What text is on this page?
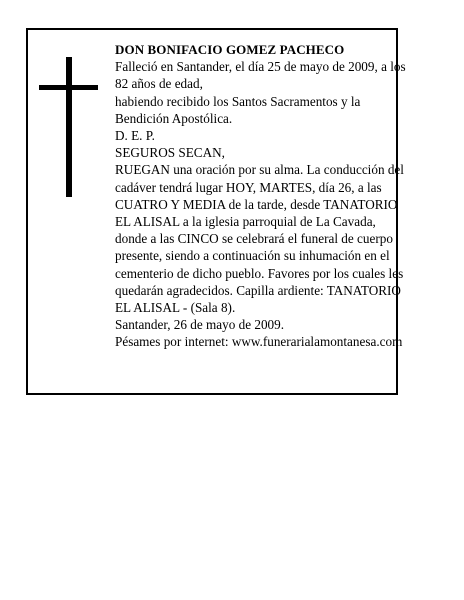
DON BONIFACIO GOMEZ PACHECO
Falleció en Santander, el día 25 de mayo de 2009, a los
82 años de edad,
habiendo recibido los Santos Sacramentos y la
Bendición Apostólica.
D. E. P.
SEGUROS SECAN,
RUEGAN una oración por su alma. La conducción del
cadáver tendrá lugar HOY, MARTES, día 26, a las
CUATRO Y MEDIA de la tarde, desde TANATORIO
EL ALISAL a la iglesia parroquial de La Cavada,
donde a las CINCO se celebrará el funeral de cuerpo
presente, siendo a continuación su inhumación en el
cementerio de dicho pueblo. Favores por los cuales les
quedarán agradecidos. Capilla ardiente: TANATORIO
EL ALISAL - (Sala 8).
Santander, 26 de mayo de 2009.
Pésames por internet: www.funerarialamontanesa.com
